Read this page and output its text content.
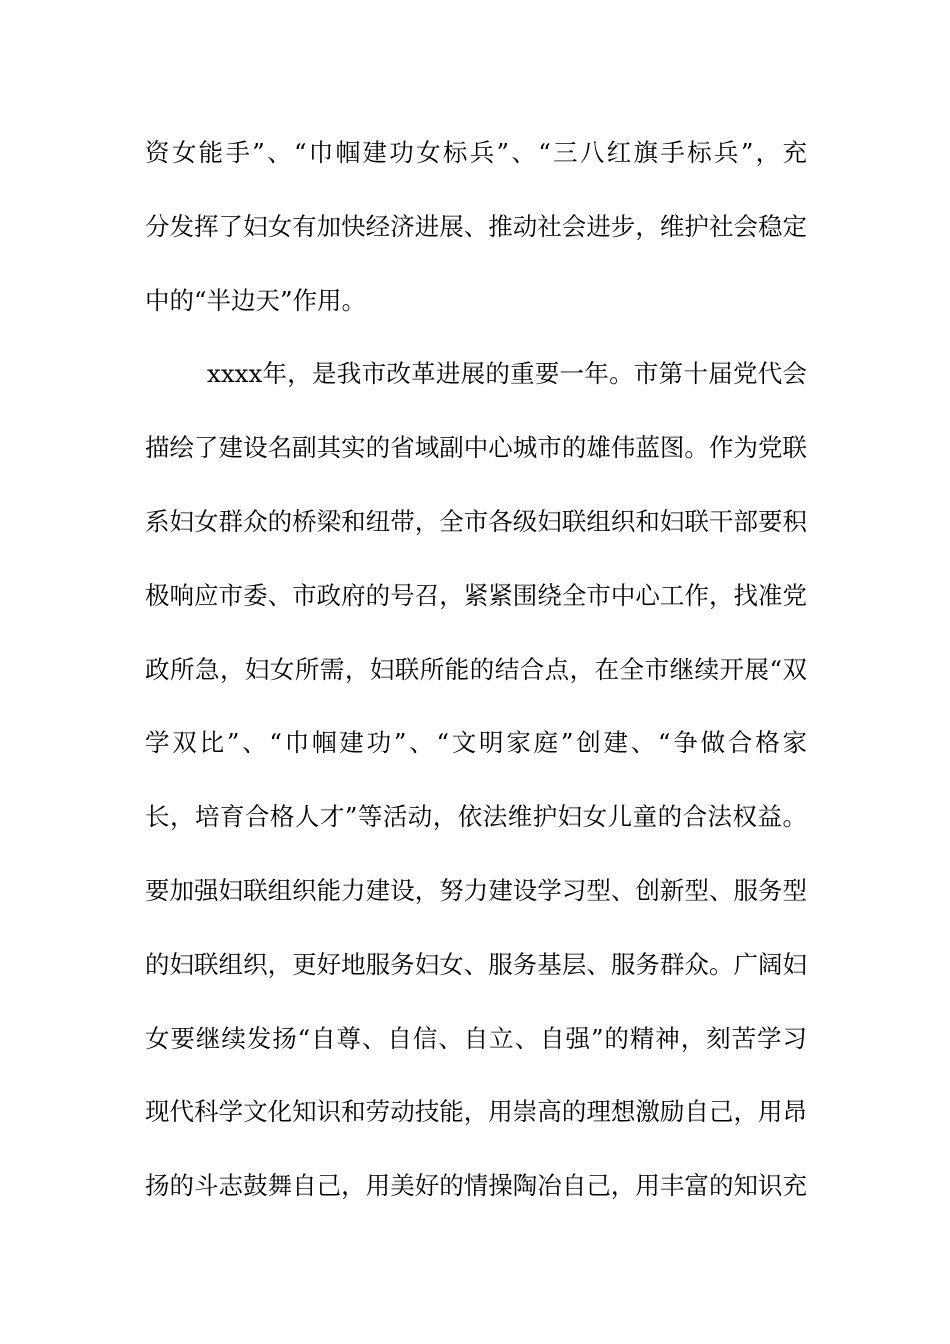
资女能手”、“巾帼建功女标兵”、“三八红旗手标兵”，充
分发挥了妇女有加快经济进展、推动社会进步，维护社会稳定
中的“半边天”作用。
xxxx年，是我市改革进展的重要一年。市第十届党代会
描绘了建设名副其实的省域副中心城市的雄伟蓝图。作为党联
系妇女群众的桥梁和纽带，全市各级妇联组织和妇联干部要积
极响应市委、市政府的号召，紧紧围绕全市中心工作，找准党
政所急，妇女所需，妇联所能的结合点，在全市继续开展“双
学双比”、“巾帼建功”、“文明家庭”创建、“争做合格家
长，培育合格人才”等活动，依法维护妇女儿童的合法权益。
要加强妇联组织能力建设，努力建设学习型、创新型、服务型
的妇联组织，更好地服务妇女、服务基层、服务群众。广阔妇
女要继续发扬“自尊、自信、自立、自强”的精神，刻苦学习
现代科学文化知识和劳动技能，用崇高的理想激励自己，用昂
扬的斗志鼓舞自己，用美好的情操陶冶自己，用丰富的知识充
